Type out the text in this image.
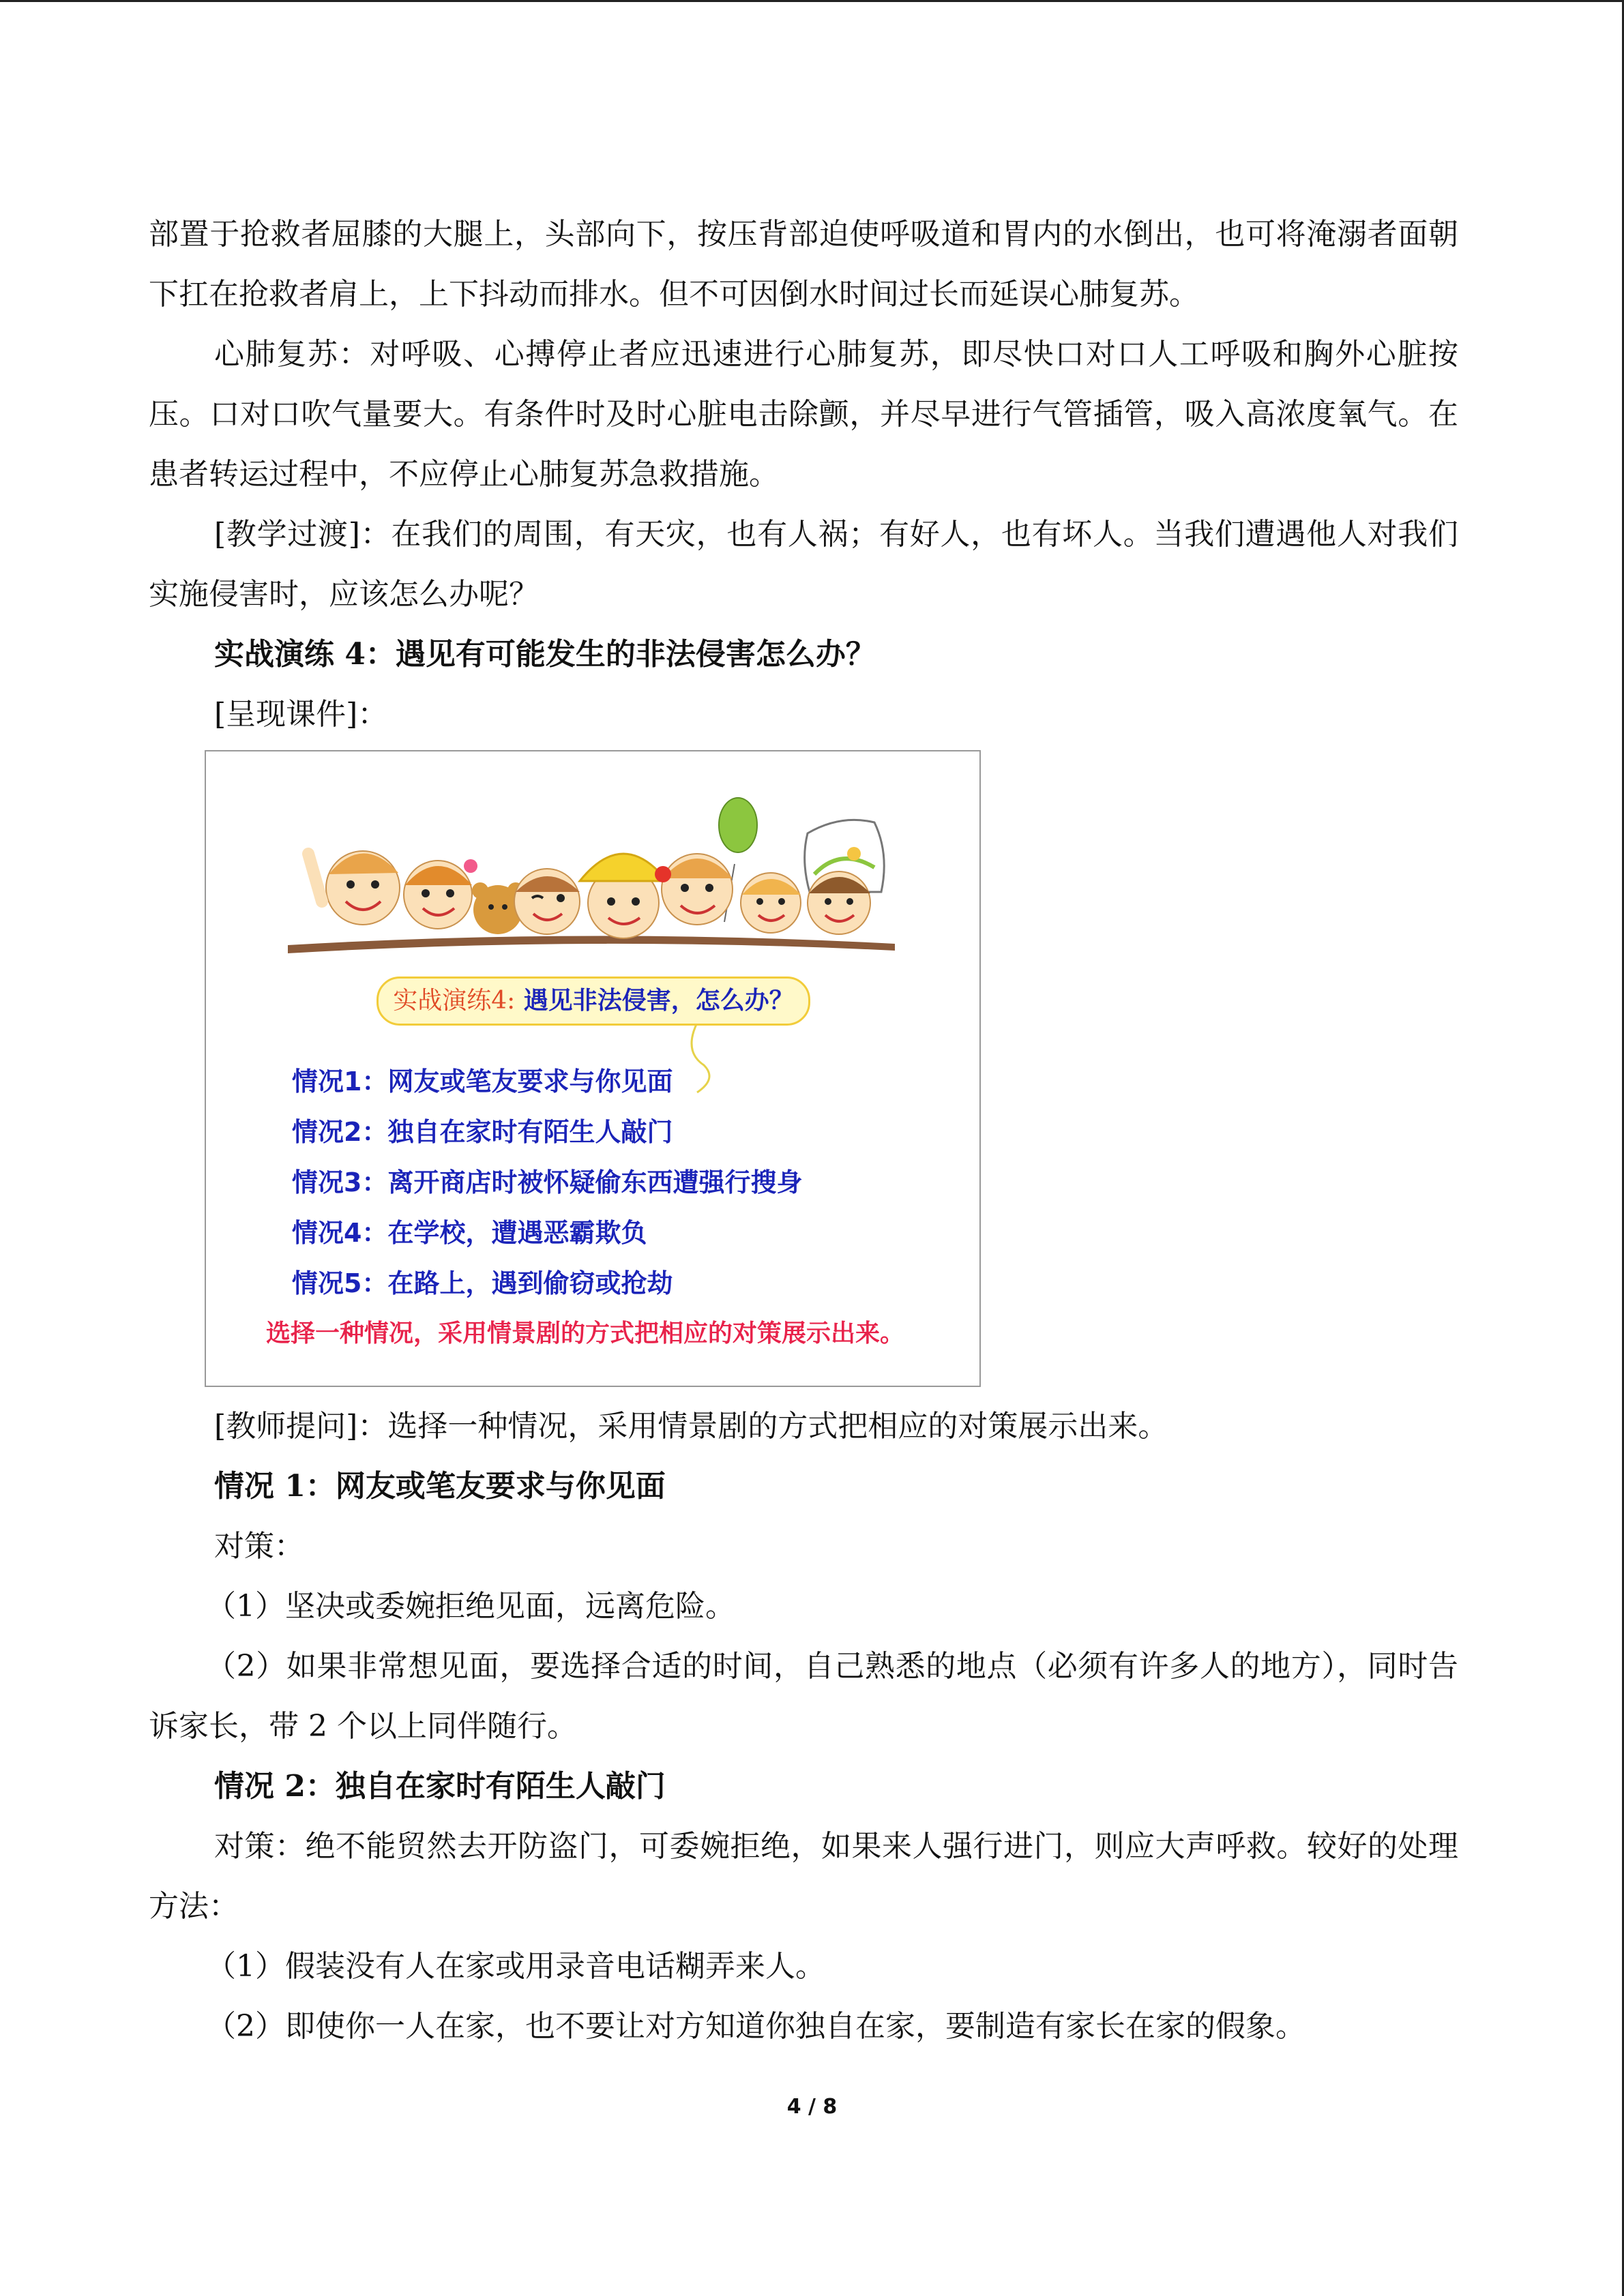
部置于抢救者屈膝的大腿上，头部向下，按压背部迫使呼吸道和胃内的水倒出，也可将淹溺者面朝下扛在抢救者肩上，上下抖动而排水。但不可因倒水时间过长而延误心肺复苏。

心肺复苏：对呼吸、心搏停止者应迅速进行心肺复苏，即尽快口对口人工呼吸和胸外心脏按压。口对口吹气量要大。有条件时及时心脏电击除颤，并尽早进行气管插管，吸入高浓度氧气。在患者转运过程中，不应停止心肺复苏急救措施。

[教学过渡]：在我们的周围，有天灾，也有人祸；有好人，也有坏人。当我们遭遇他人对我们实施侵害时，应该怎么办呢？

实战演练 4：遇见有可能发生的非法侵害怎么办？

[呈现课件]：

实战演练4: 遇见非法侵害，怎么办？
情况1：网友或笔友要求与你见面
情况2：独自在家时有陌生人敲门
情况3：离开商店时被怀疑偷东西遭强行搜身
情况4：在学校，遭遇恶霸欺负
情况5：在路上，遇到偷窃或抢劫
选择一种情况，采用情景剧的方式把相应的对策展示出来。

[教师提问]：选择一种情况，采用情景剧的方式把相应的对策展示出来。

情况 1：网友或笔友要求与你见面

对策：

（1）坚决或委婉拒绝见面，远离危险。

（2）如果非常想见面，要选择合适的时间，自己熟悉的地点（必须有许多人的地方），同时告诉家长，带 2 个以上同伴随行。

情况 2：独自在家时有陌生人敲门

对策：绝不能贸然去开防盗门，可委婉拒绝，如果来人强行进门，则应大声呼救。较好的处理方法：

（1）假装没有人在家或用录音电话糊弄来人。

（2）即使你一人在家，也不要让对方知道你独自在家，要制造有家长在家的假象。

4 / 8
